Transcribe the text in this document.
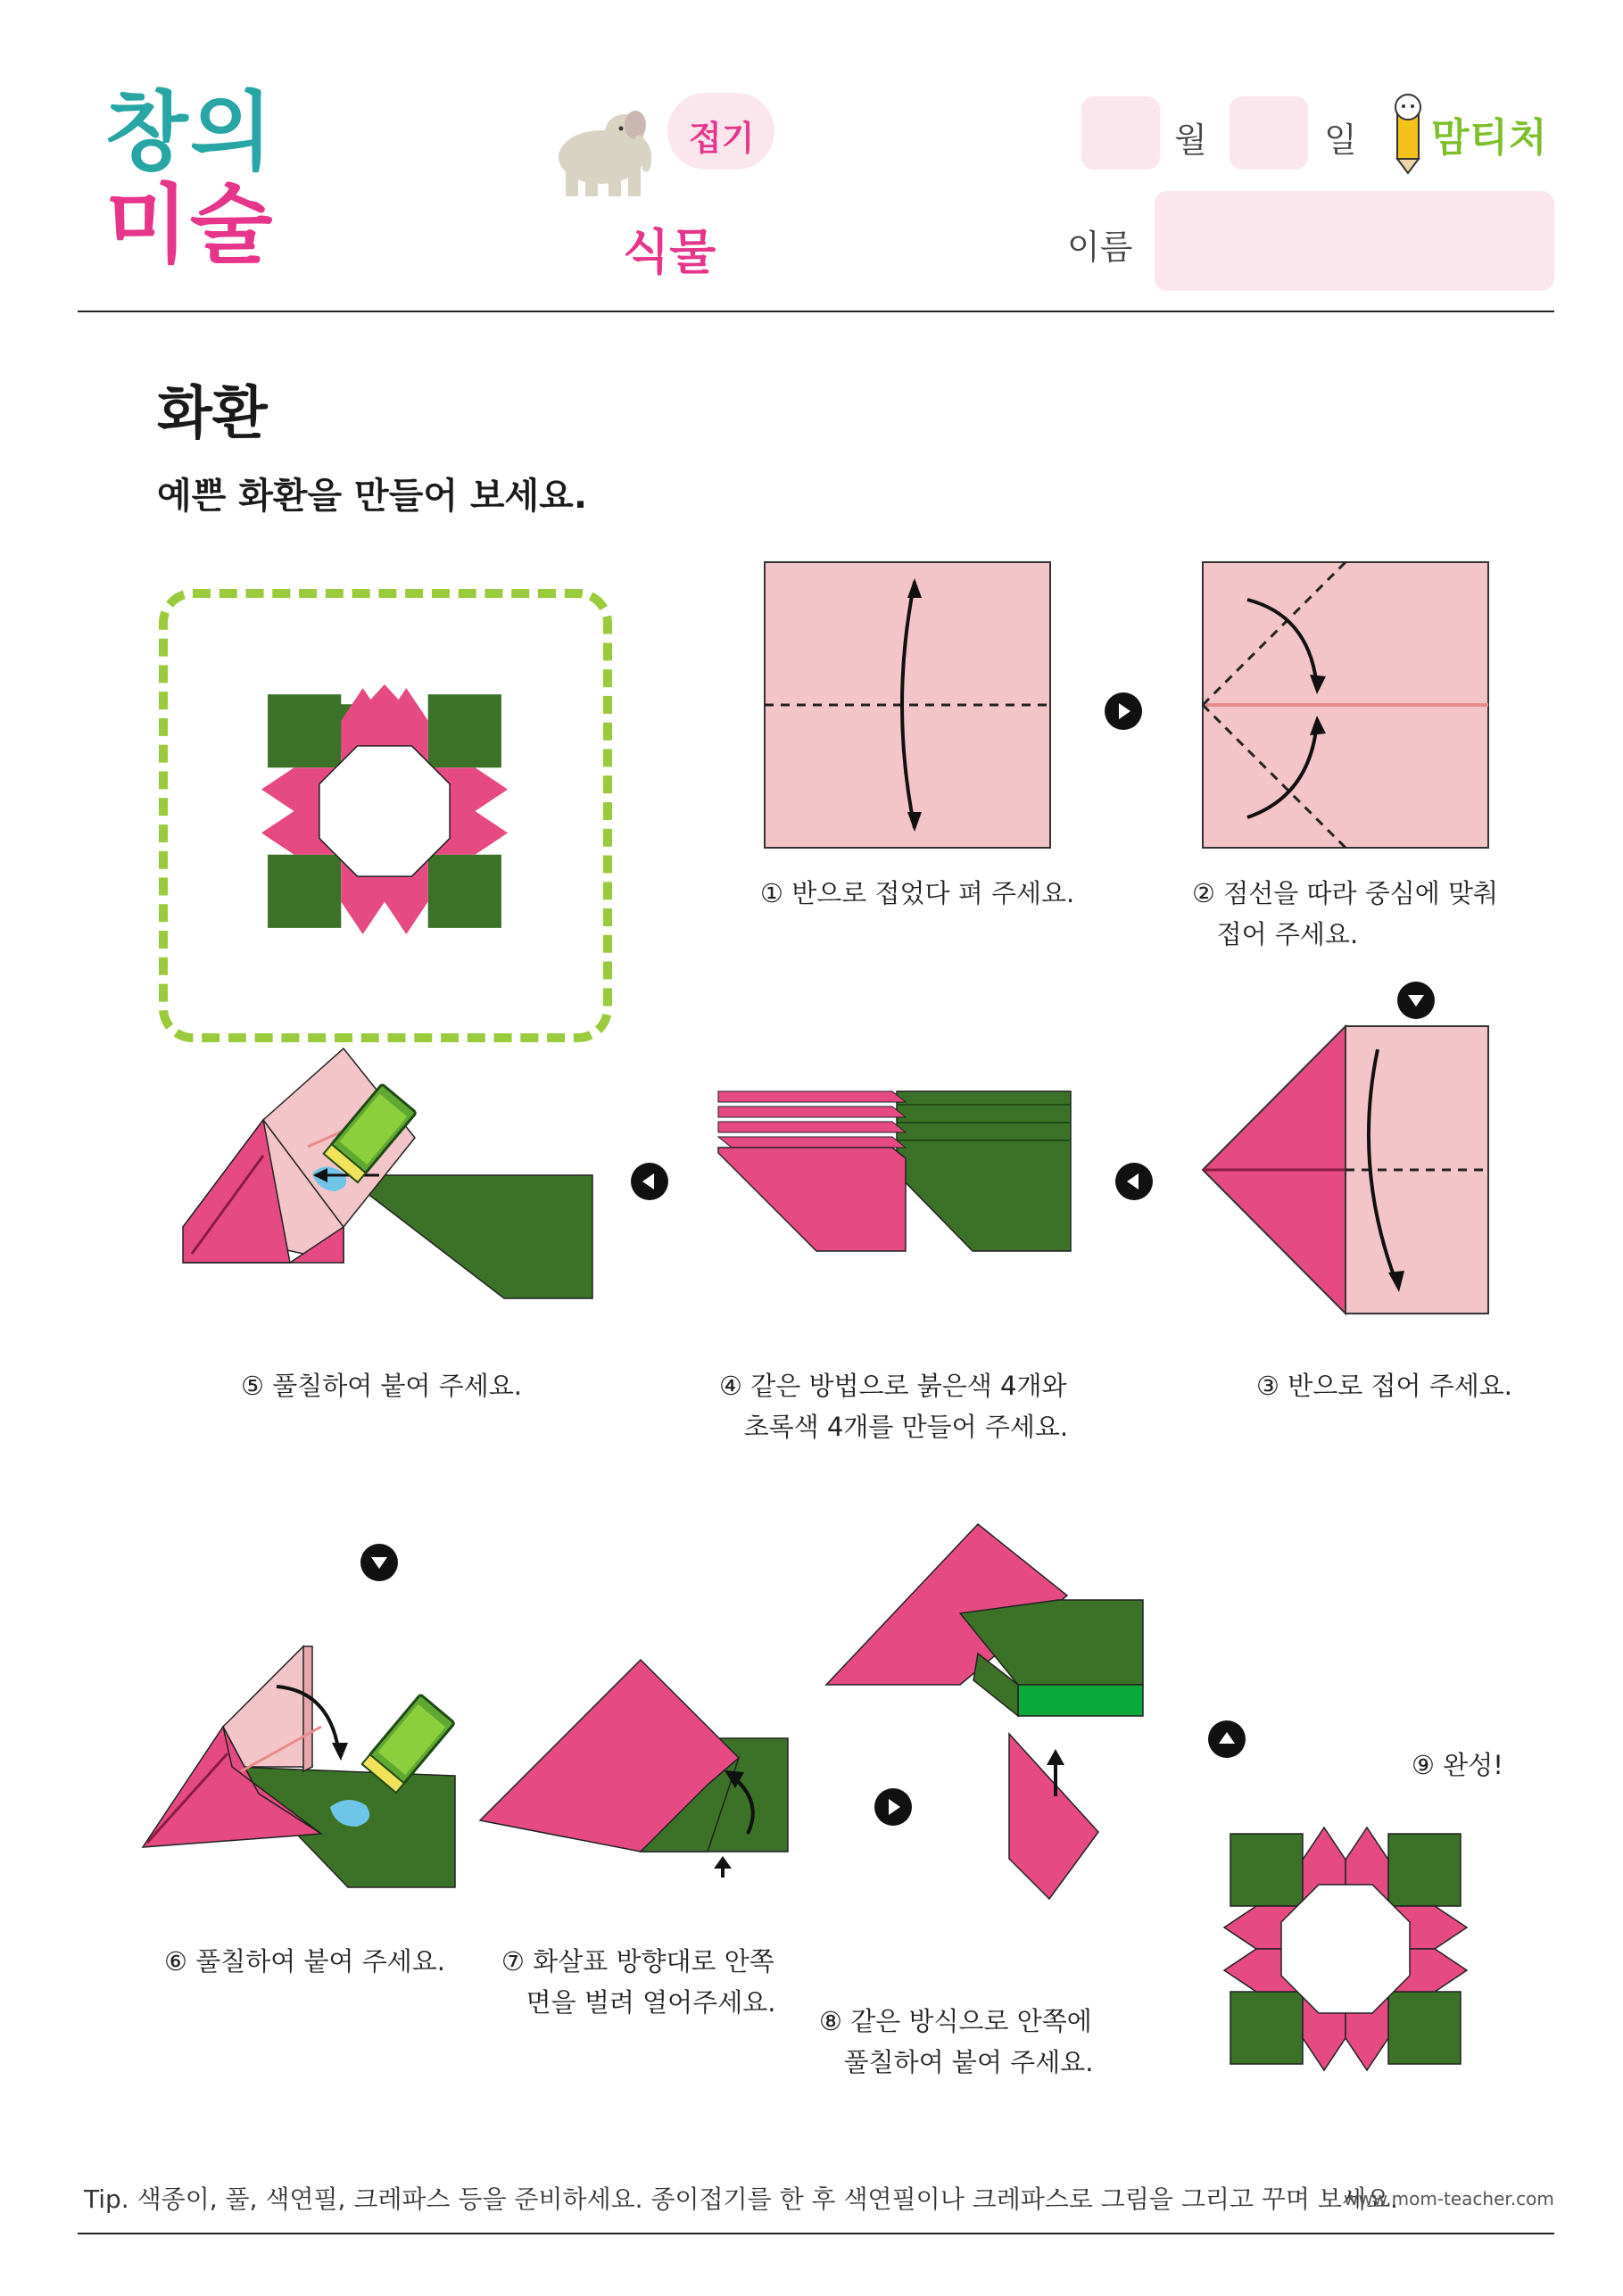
창의
미술
접기
식물
월	일 맘티처
이름
화환
예쁜 화환을 만들어 보세요.
① 반으로 접었다 펴 주세요.	② 점선을 따라 중심에 맞춰
접어 주세요.
③ 반으로 접어 주세요.
④ 같은 방법으로 붉은색 4개와
초록색 4개를 만들어 주세요.
⑤ 풀칠하여 붙여 주세요.
⑥ 풀칠하여 붙여 주세요. ⑦ 화살표 방향대로 안쪽
면을 벌려 열어주세요.
⑧ 같은 방식으로 안쪽에
풀칠하여 붙여 주세요.
⑨ 완성!
Tip. 색종이, 풀, 색연필, 크레파스 등을 준비하세요. 종이접기를 한 후 색연필이나 크레파스로 그림을 그리고 꾸며 보세요.
www.mom-teacher.com
